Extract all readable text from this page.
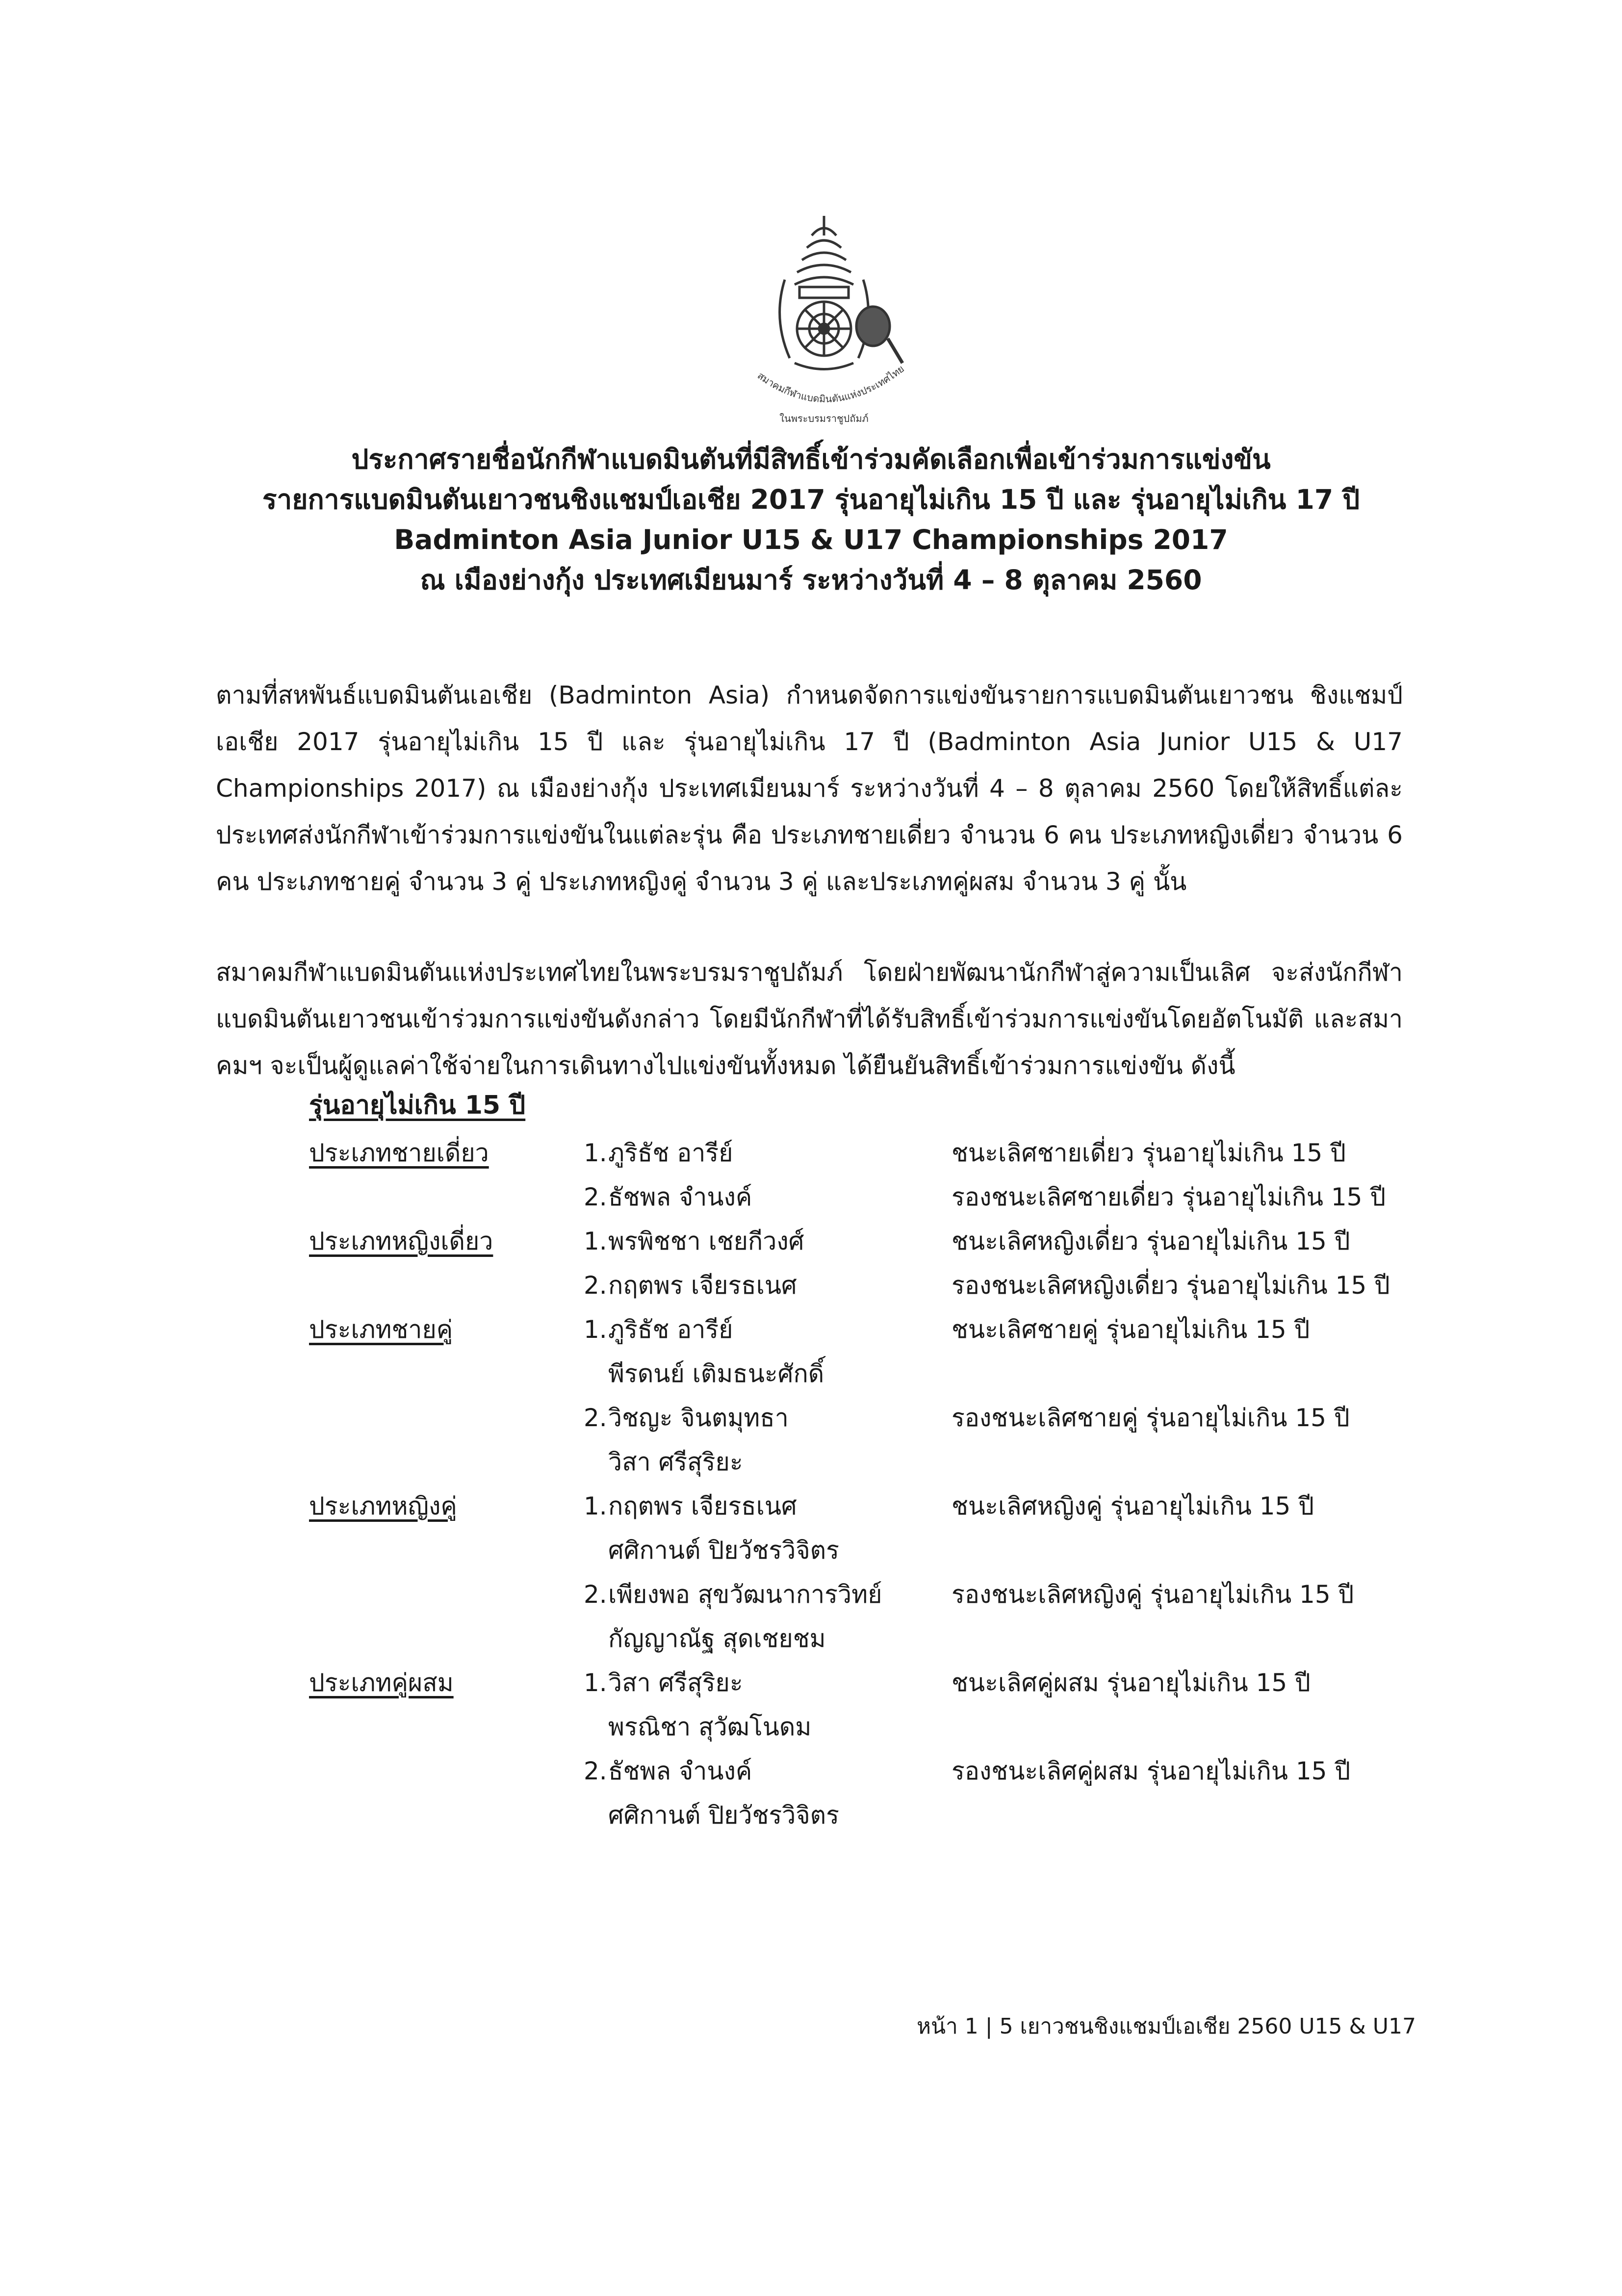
สมาคมกีฬาแบดมินตันแห่งประเทศไทย
ในพระบรมราชูปถัมภ์
ประกาศรายชื่อนักกีฬาแบดมินตันที่มีสิทธิ์เข้าร่วมคัดเลือกเพื่อเข้าร่วมการแข่งขัน
รายการแบดมินตันเยาวชนชิงแชมป์เอเชีย 2017 รุ่นอายุไม่เกิน 15 ปี และ รุ่นอายุไม่เกิน 17 ปี
Badminton Asia Junior U15 & U17 Championships 2017
ณ เมืองย่างกุ้ง ประเทศเมียนมาร์ ระหว่างวันที่ 4 – 8 ตุลาคม 2560
ตามที่สหพันธ์แบดมินตันเอเชีย (Badminton Asia) กำหนดจัดการแข่งขันรายการแบดมินตันเยาวชน ชิงแชมป์เอเชีย 2017 รุ่นอายุไม่เกิน 15 ปี และ รุ่นอายุไม่เกิน 17 ปี (Badminton Asia Junior U15 & U17 Championships 2017) ณ เมืองย่างกุ้ง ประเทศเมียนมาร์ ระหว่างวันที่ 4 – 8 ตุลาคม 2560 โดยให้สิทธิ์แต่ละประเทศส่งนักกีฬาเข้าร่วมการแข่งขันในแต่ละรุ่น คือ ประเภทชายเดี่ยว จำนวน 6 คน ประเภทหญิงเดี่ยว จำนวน 6 คน ประเภทชายคู่ จำนวน 3 คู่ ประเภทหญิงคู่ จำนวน 3 คู่ และประเภทคู่ผสม จำนวน 3 คู่ นั้น
สมาคมกีฬาแบดมินตันแห่งประเทศไทยในพระบรมราชูปถัมภ์ โดยฝ่ายพัฒนานักกีฬาสู่ความเป็นเลิศ จะส่งนักกีฬาแบดมินตันเยาวชนเข้าร่วมการแข่งขันดังกล่าว โดยมีนักกีฬาที่ได้รับสิทธิ์เข้าร่วมการแข่งขันโดยอัตโนมัติ และสมาคมฯ จะเป็นผู้ดูแลค่าใช้จ่ายในการเดินทางไปแข่งขันทั้งหมด ได้ยืนยันสิทธิ์เข้าร่วมการแข่งขัน ดังนี้
รุ่นอายุไม่เกิน 15 ปี
ประเภทชายเดี่ยว	1. ภูริธัช อารีย์	ชนะเลิศชายเดี่ยว รุ่นอายุไม่เกิน 15 ปี
2. ธัชพล จำนงค์	รองชนะเลิศชายเดี่ยว รุ่นอายุไม่เกิน 15 ปี
ประเภทหญิงเดี่ยว	1. พรพิชชา เชยกีวงศ์	ชนะเลิศหญิงเดี่ยว รุ่นอายุไม่เกิน 15 ปี
2. กฤตพร เจียรธเนศ	รองชนะเลิศหญิงเดี่ยว รุ่นอายุไม่เกิน 15 ปี
ประเภทชายคู่	1. ภูริธัช อารีย์	ชนะเลิศชายคู่ รุ่นอายุไม่เกิน 15 ปี
พีรดนย์ เติมธนะศักดิ์
2. วิชญะ จินตมุทธา	รองชนะเลิศชายคู่ รุ่นอายุไม่เกิน 15 ปี
วิสา ศรีสุริยะ
ประเภทหญิงคู่	1. กฤตพร เจียรธเนศ	ชนะเลิศหญิงคู่ รุ่นอายุไม่เกิน 15 ปี
ศศิกานต์ ปิยวัชรวิจิตร
2. เพียงพอ สุขวัฒนาการวิทย์	รองชนะเลิศหญิงคู่ รุ่นอายุไม่เกิน 15 ปี
กัญญาณัฐ สุดเชยชม
ประเภทคู่ผสม	1. วิสา ศรีสุริยะ	ชนะเลิศคู่ผสม รุ่นอายุไม่เกิน 15 ปี
พรณิชา สุวัฒโนดม
2. ธัชพล จำนงค์	รองชนะเลิศคู่ผสม รุ่นอายุไม่เกิน 15 ปี
ศศิกานต์ ปิยวัชรวิจิตร
หน้า 1 | 5 เยาวชนชิงแชมป์เอเชีย 2560 U15 & U17
